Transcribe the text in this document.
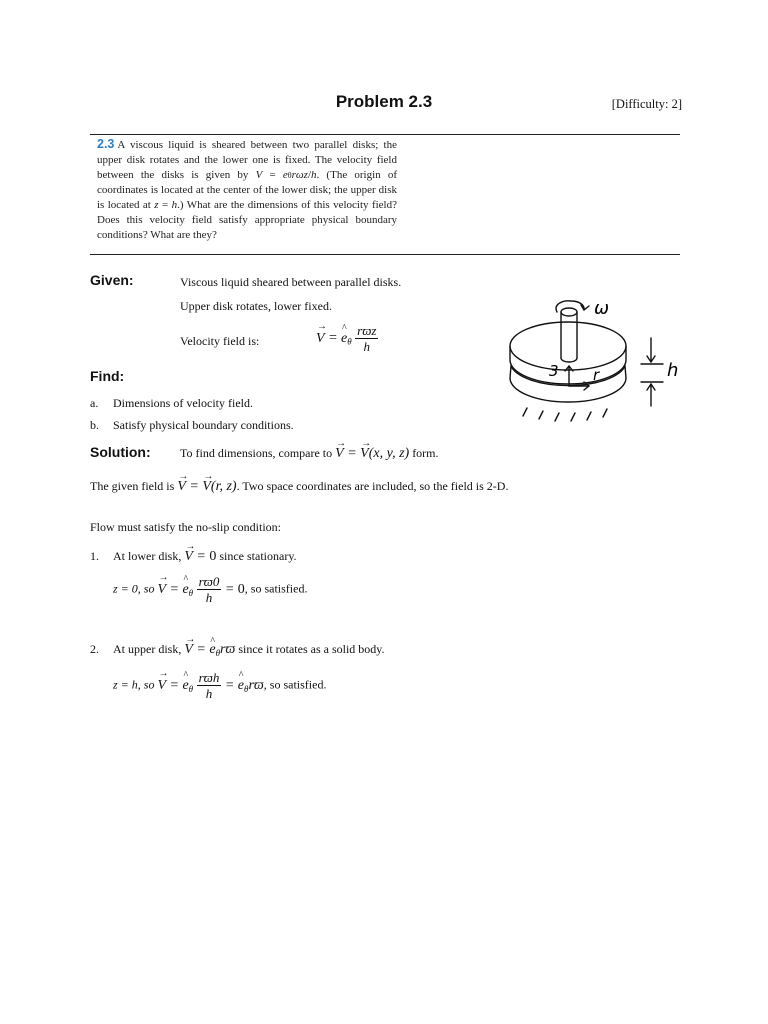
Problem 2.3	[Difficulty: 2]
2.3 A viscous liquid is sheared between two parallel disks; the upper disk rotates and the lower one is fixed. The velocity field between the disks is given by V = eθrωz/h. (The origin of coordinates is located at the center of the lower disk; the upper disk is located at z = h.) What are the dimensions of this velocity field? Does this velocity field satisfy appropriate physical boundary conditions? What are they?
Given:	Viscous liquid sheared between parallel disks.
Upper disk rotates, lower fixed.
Velocity field is:	→ V = ^ $e_\theta \frac{\text{rϖz}}{h}$
ω
h
3 r
Find:
a. Dimensions of velocity field.
b. Satisfy physical boundary conditions.
Solution: To find dimensions, compare to → V = → V(x, y, z) form.
The given field is → V = → V(r, z). Two space coordinates are included, so the field is 2-D.
Flow must satisfy the no-slip condition:
1. At lower disk, → V = 0 since stationary.
z = 0, so → V = ^ $e_\theta \frac{rϖ0}{h} = 0$, so satisfied.
2. At upper disk, → V = ^ $e_\theta rϖ$ since it rotates as a solid body.
z = h, so → V = ^ $e_\theta \frac{\text{rϖh}}{h}$ = ^ $e_\theta rϖ$, so satisfied.
